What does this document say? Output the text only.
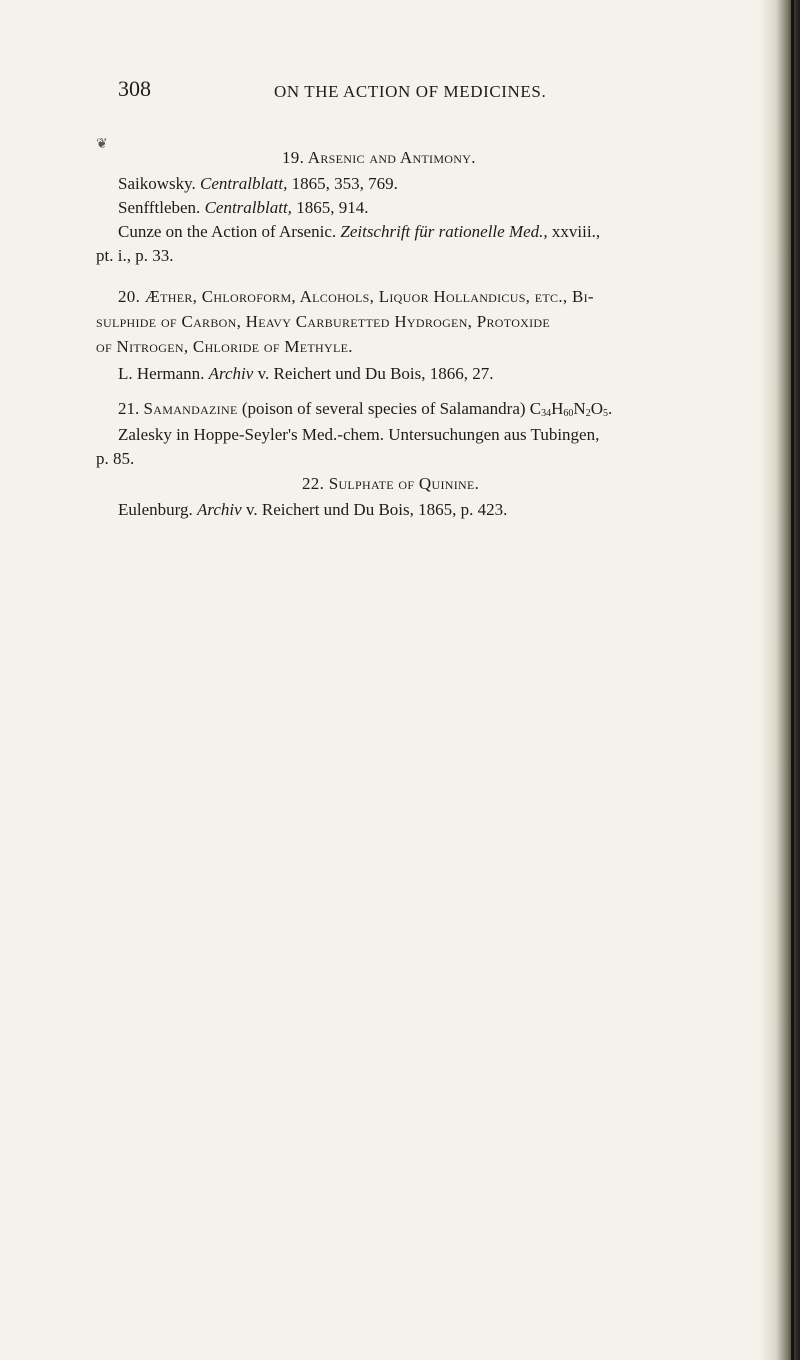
308	ON THE ACTION OF MEDICINES.
❦
19. Arsenic and Antimony.
Saikowsky. Centralblatt, 1865, 353, 769.
Senfftleben. Centralblatt, 1865, 914.
Cunze on the Action of Arsenic. Zeitschrift für rationelle Med., xxviii.,
pt. i., p. 33.
20. Æther, Chloroform, Alcohols, Liquor Hollandicus, etc., Bi-
sulphide of Carbon, Heavy Carburetted Hydrogen, Protoxide
of Nitrogen, Chloride of Methyle.
L. Hermann. Archiv v. Reichert und Du Bois, 1866, 27.
21. Samandazine (poison of several species of Salamandra) $C_{34}H_{60}N_2O_5$.
Zalesky in Hoppe-Seyler's Med.-chem. Untersuchungen aus Tubingen,
p. 85.
22. Sulphate of Quinine.
Eulenburg. Archiv v. Reichert und Du Bois, 1865, p. 423.
